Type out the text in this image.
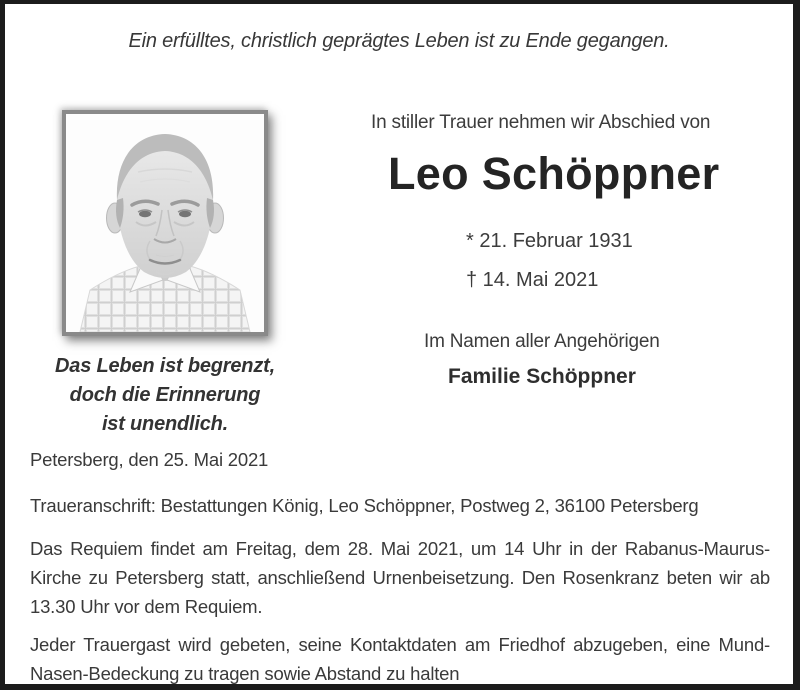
Ein erfülltes, christlich geprägtes Leben ist zu Ende gegangen.
Das Leben ist begrenzt,
doch die Erinnerung
ist unendlich.
In stiller Trauer nehmen wir Abschied von
Leo Schöppner
* 21. Februar 1931
† 14. Mai 2021
Im Namen aller Angehörigen
Familie Schöppner

Petersberg, den 25. Mai 2021

Traueranschrift: Bestattungen König, Leo Schöppner, Postweg 2, 36100 Petersberg

Das Requiem findet am Freitag, dem 28. Mai 2021, um 14 Uhr in der Rabanus-Maurus-
Kirche zu Petersberg statt, anschließend Urnenbeisetzung. Den Rosenkranz beten wir ab
13.30 Uhr vor dem Requiem.

Jeder Trauergast wird gebeten, seine Kontaktdaten am Friedhof abzugeben, eine Mund-
Nasen-Bedeckung zu tragen sowie Abstand zu halten
